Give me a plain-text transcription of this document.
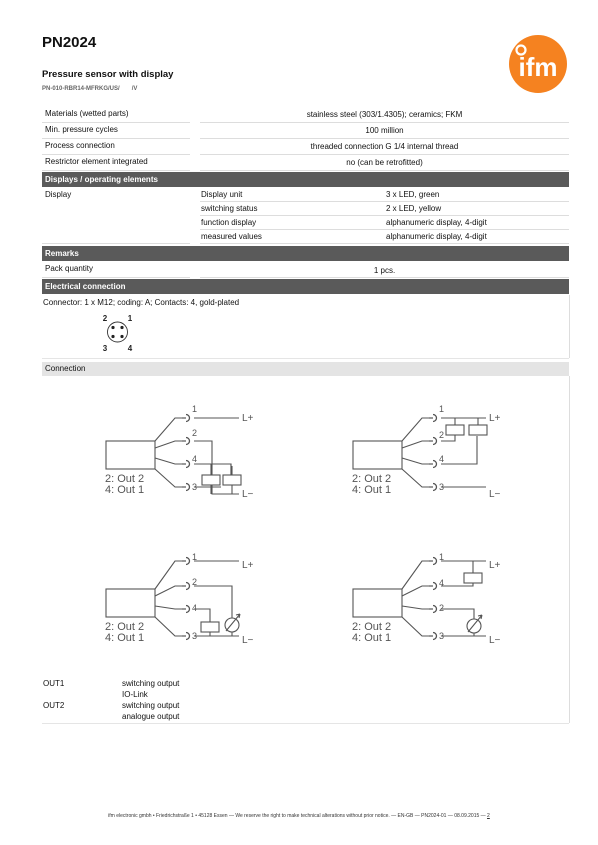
PN2024
Pressure sensor with display
PN-010-RBR14-MFRKG/US/ /V
ifm
Materials (wetted parts)	stainless steel (303/1.4305); ceramics; FKM
Min. pressure cycles	100 million
Process connection	threaded connection G 1/4 internal thread
Restrictor element integrated	no (can be retrofitted)
Displays / operating elements
Display	Display unit	3 x LED, green
switching status	2 x LED, yellow
function display	alphanumeric display, 4-digit
measured values	alphanumeric display, 4-digit
Remarks
Pack quantity	1 pcs.
Electrical connection
Connector: 1 x M12; coding: A; Contacts: 4, gold-plated
2	1
3	4
Connection
1
2
4
3
L+
L−
2: Out 2
4: Out 1
1
2
4
3
L+
L−
2: Out 2
4: Out 1
1
2
4
3
L+
L−
2: Out 2
4: Out 1
1
4
2
3
L+
L−
2: Out 2
4: Out 1
OUT1	switching output
IO-Link
OUT2	switching output
analogue output
ifm electronic gmbh • Friedrichstraße 1 • 45128 Essen — We reserve the right to make technical alterations without prior notice. — EN-GB — PN2024-01 — 08.09.2015 — 2
